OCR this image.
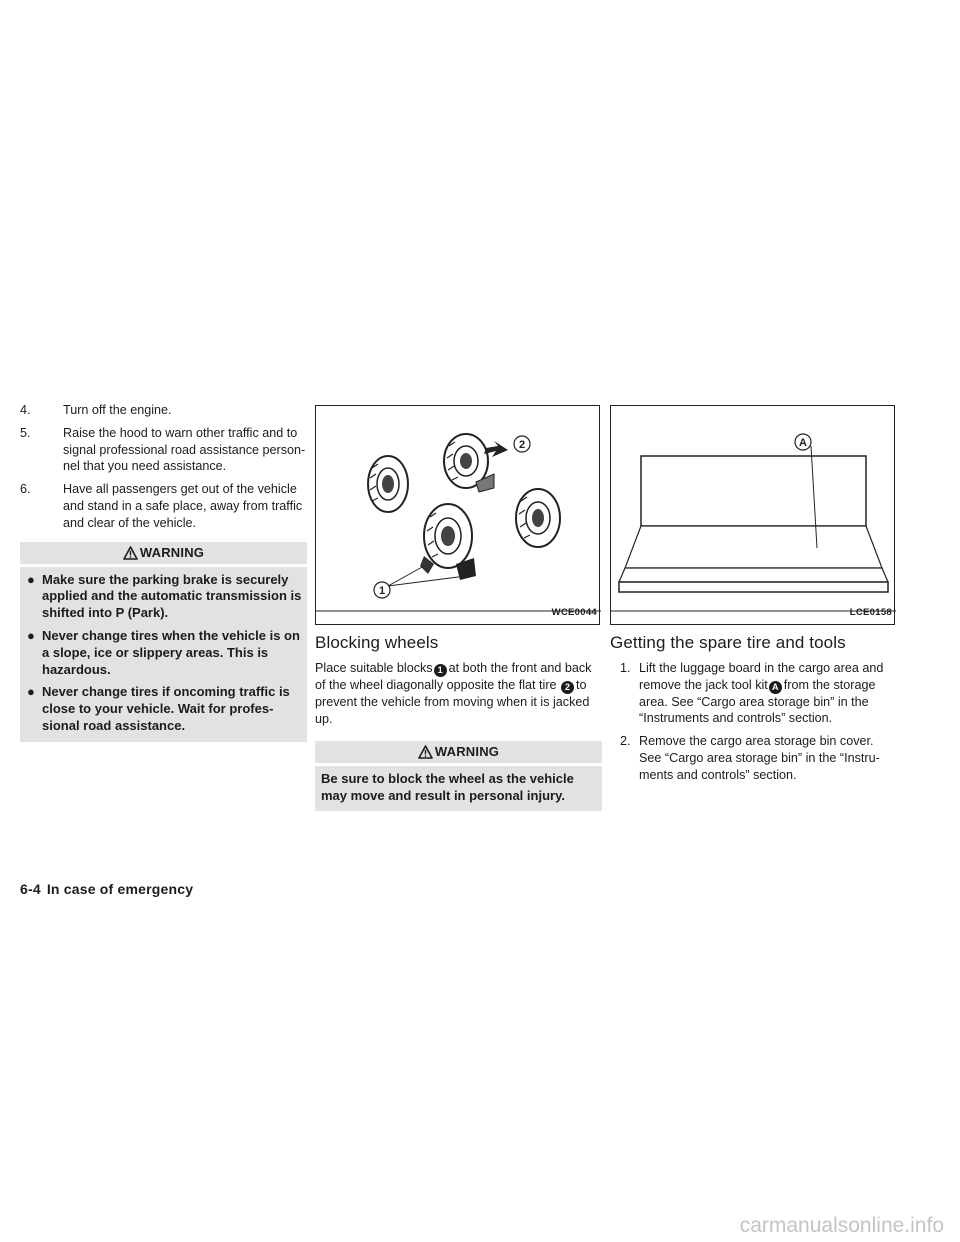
4.	Turn off the engine.
5.	Raise the hood to warn other traffic and to signal professional road assistance person-nel that you need assistance.
6.	Have all passengers get out of the vehicle and stand in a safe place, away from traffic and clear of the vehicle.
WARNING
● Make sure the parking brake is securely applied and the automatic transmission is shifted into P (Park).
● Never change tires when the vehicle is on a slope, ice or slippery areas. This is hazardous.
● Never change tires if oncoming traffic is close to your vehicle. Wait for profes-sional road assistance.
2
1
WCE0044
Blocking wheels

Place suitable blocks 1 at both the front and back of the wheel diagonally opposite the flat tire 2 to prevent the vehicle from moving when it is jacked up.

WARNING
Be sure to block the wheel as the vehicle may move and result in personal injury.
A
LCE0158
Getting the spare tire and tools
1. Lift the luggage board in the cargo area and remove the jack tool kit A from the storage area. See “Cargo area storage bin” in the “Instruments and controls” section.
2. Remove the cargo area storage bin cover. See “Cargo area storage bin” in the “Instru-ments and controls” section.
6-4 In case of emergency
carmanualsonline.info
